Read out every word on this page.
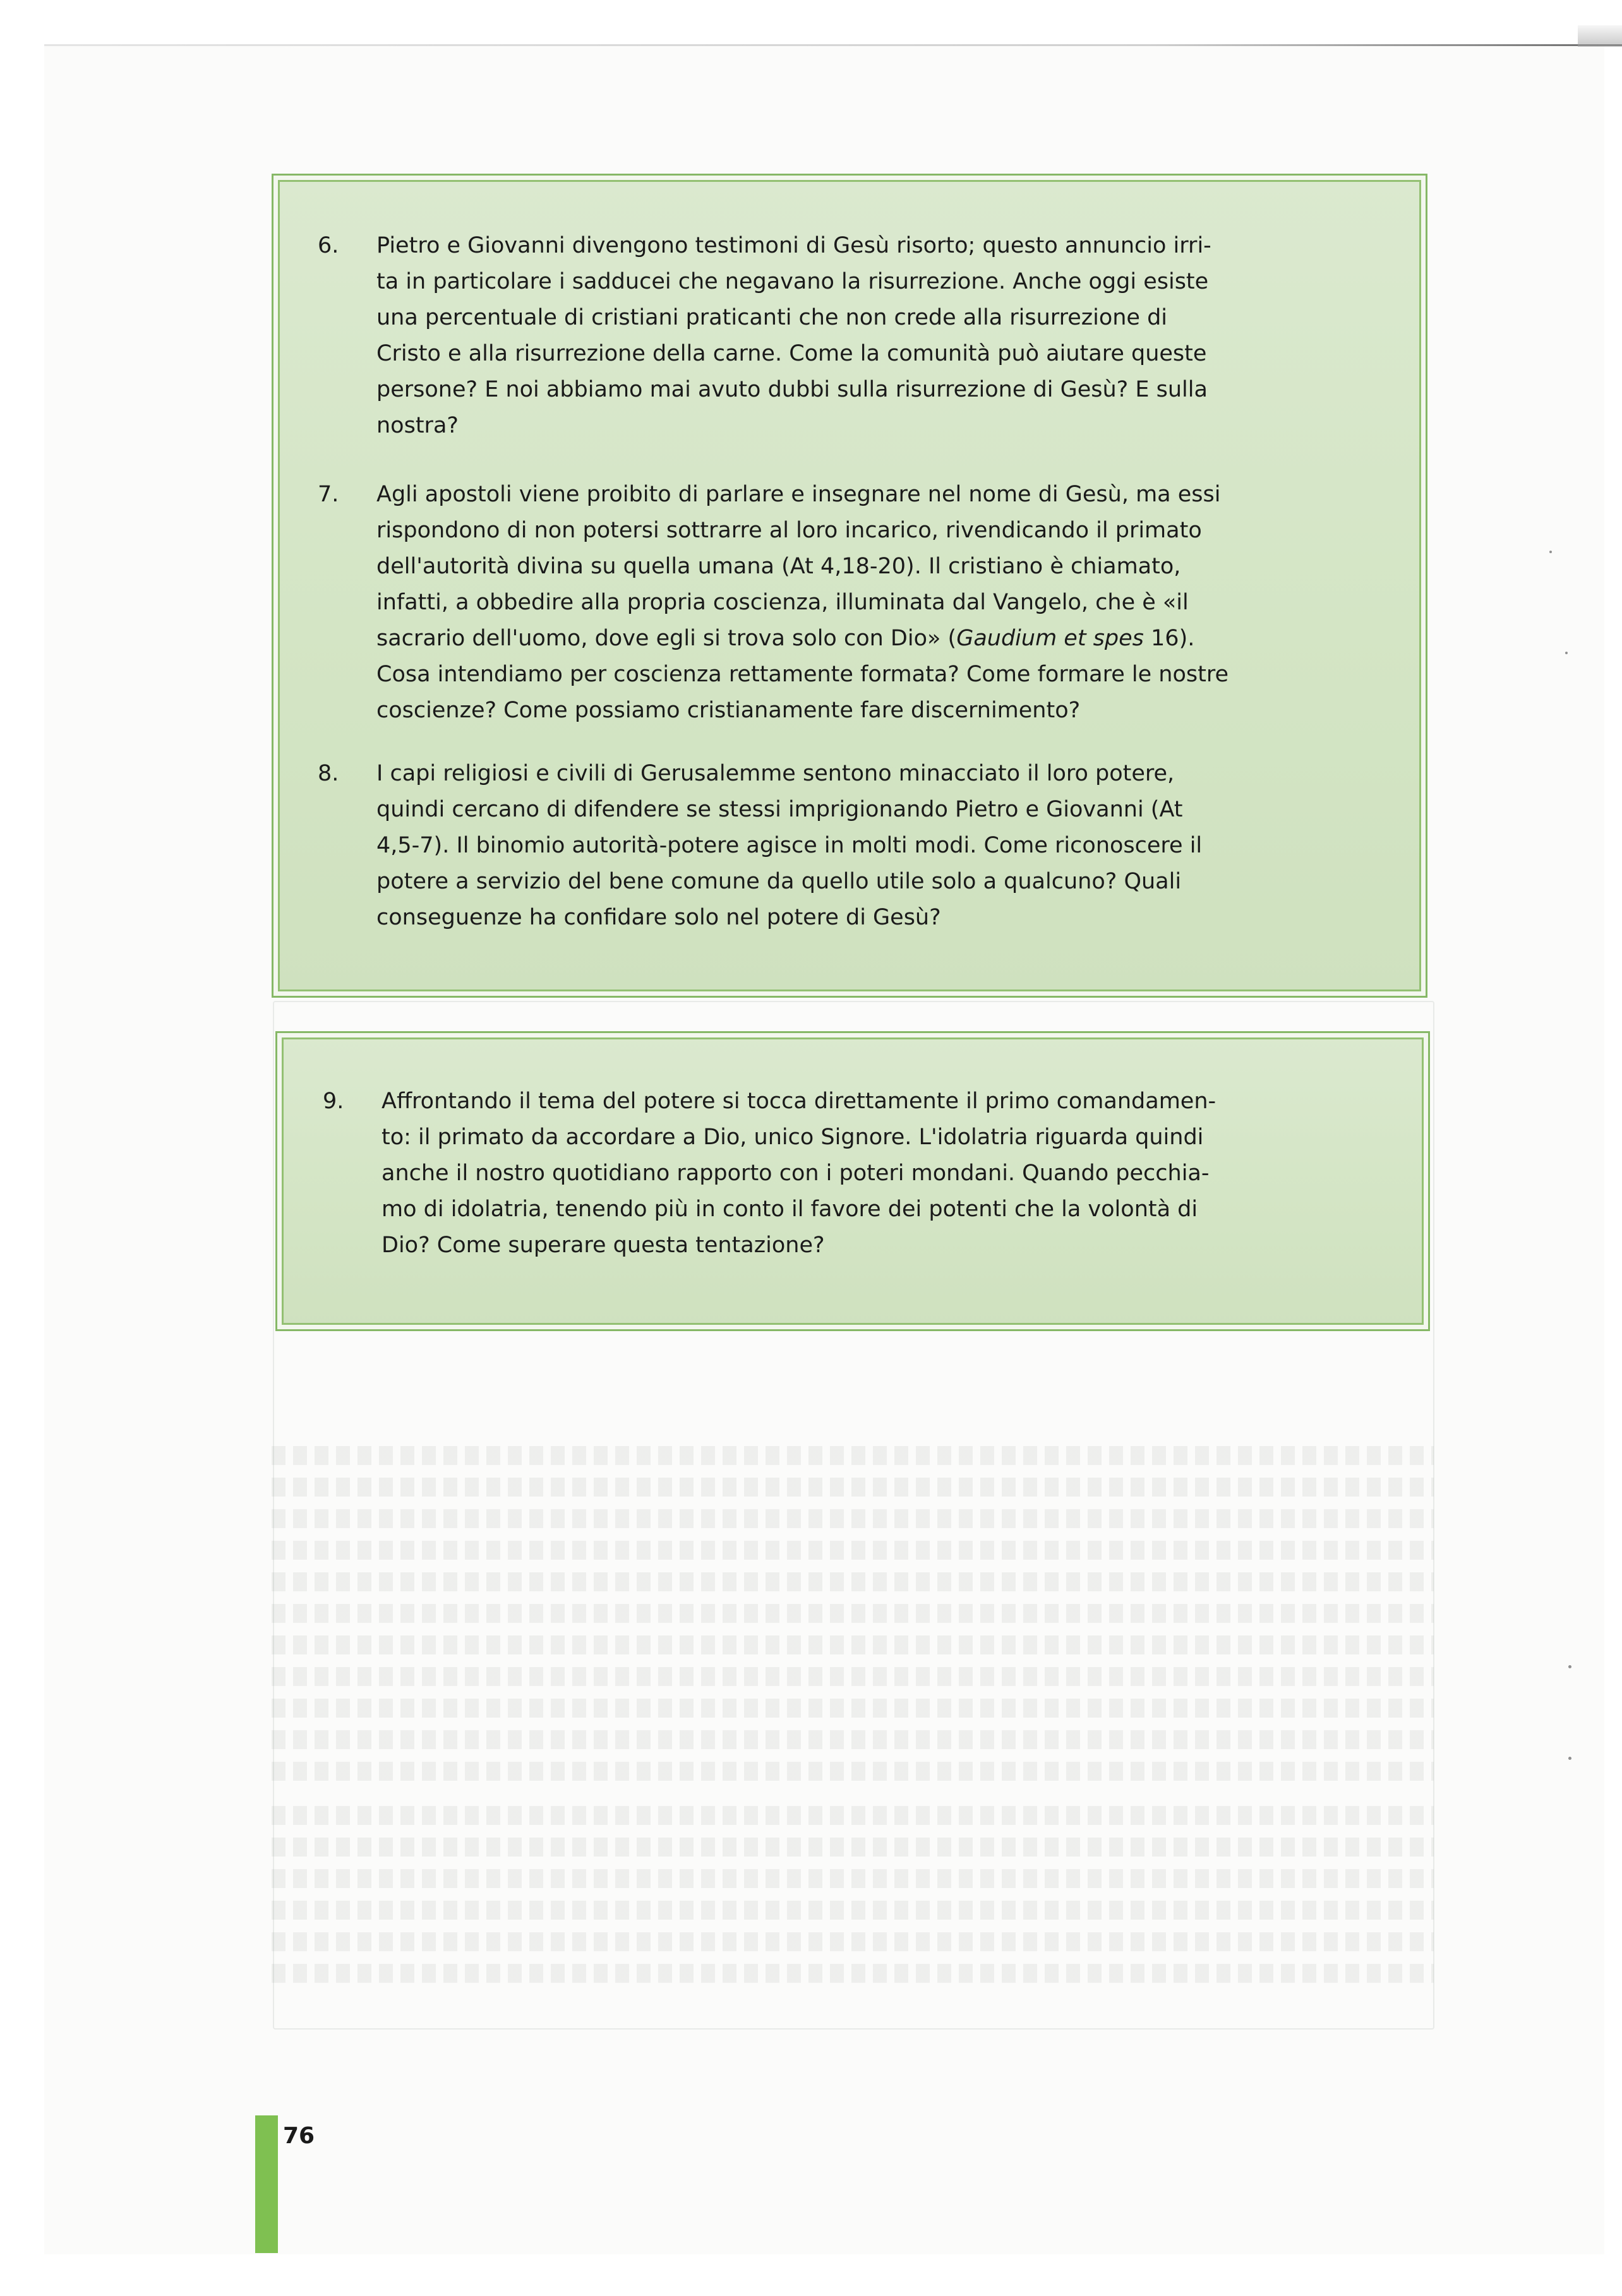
6.	Pietro e Giovanni divengono testimoni di Gesù risorto; questo annuncio irri-

ta in particolare i sadducei che negavano la risurrezione. Anche oggi esiste

una percentuale di cristiani praticanti che non crede alla risurrezione di

Cristo e alla risurrezione della carne. Come la comunità può aiutare queste

persone? E noi abbiamo mai avuto dubbi sulla risurrezione di Gesù? E sulla

nostra?

7.	Agli apostoli viene proibito di parlare e insegnare nel nome di Gesù, ma essi

rispondono di non potersi sottrarre al loro incarico, rivendicando il primato

dell'autorità divina su quella umana (At 4,18-20). Il cristiano è chiamato,

infatti, a obbedire alla propria coscienza, illuminata dal Vangelo, che è «il

sacrario dell'uomo, dove egli si trova solo con Dio» (Gaudium et spes 16).

Cosa intendiamo per coscienza rettamente formata? Come formare le nostre

coscienze? Come possiamo cristianamente fare discernimento?

8.	I capi religiosi e civili di Gerusalemme sentono minacciato il loro potere,

quindi cercano di difendere se stessi imprigionando Pietro e Giovanni (At

4,5-7). Il binomio autorità-potere agisce in molti modi. Come riconoscere il

potere a servizio del bene comune da quello utile solo a qualcuno? Quali

conseguenze ha confidare solo nel potere di Gesù?

9.	Affrontando il tema del potere si tocca direttamente il primo comandamen-

to: il primato da accordare a Dio, unico Signore. L'idolatria riguarda quindi

anche il nostro quotidiano rapporto con i poteri mondani. Quando pecchia-

mo di idolatria, tenendo più in conto il favore dei potenti che la volontà di

Dio? Come superare questa tentazione?

76
